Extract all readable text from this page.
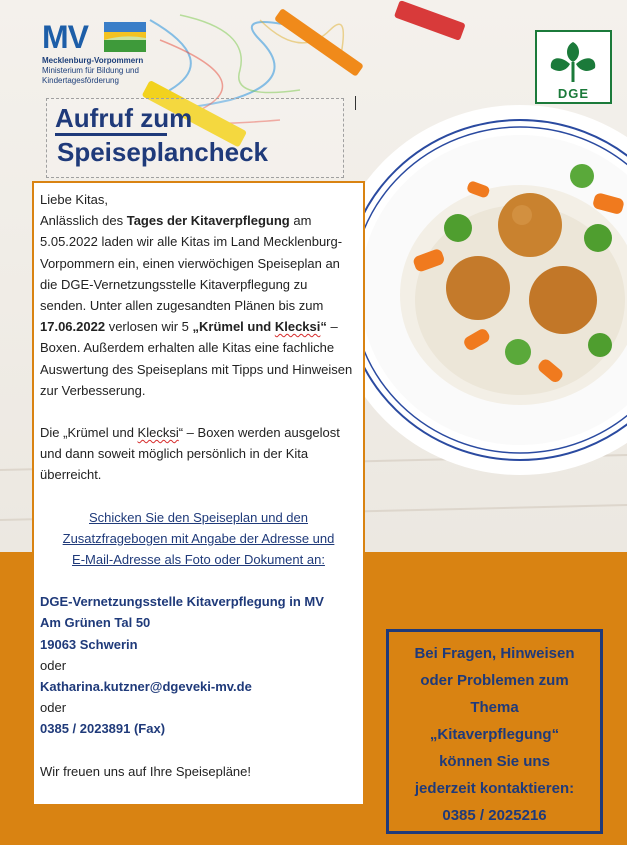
MV
Mecklenburg-Vorpommern
Ministerium für Bildung und
Kindertagesförderung
DGE
Aufruf zum
Speiseplancheck

Liebe Kitas,

Anlässlich des Tages der Kitaverpflegung am 5.05.2022 laden wir alle Kitas im Land Mecklenburg-Vorpommern ein, einen vierwöchigen Speiseplan an die DGE-Vernetzungsstelle Kitaverpflegung zu senden. Unter allen zugesandten Plänen bis zum 17.06.2022 verlosen wir 5 „Krümel und Klecksi“ – Boxen. Außerdem erhalten alle Kitas eine fachliche Auswertung des Speiseplans mit Tipps und Hinweisen zur Verbesserung.

Die „Krümel und Klecksi“ – Boxen werden ausgelost und dann soweit möglich persönlich in der Kita überreicht.

Schicken Sie den Speiseplan und den
Zusatzfragebogen mit Angabe der Adresse und
E-Mail-Adresse als Foto oder Dokument an:

DGE-Vernetzungsstelle Kitaverpflegung in MV

Am Grünen Tal 50

19063 Schwerin

oder

Katharina.kutzner@dgeveki-mv.de

oder

0385 / 2023891 (Fax)

Wir freuen uns auf Ihre Speisepläne!

Bei Fragen, Hinweisen

oder Problemen zum

Thema

„Kitaverpflegung“

können Sie uns

jederzeit kontaktieren:

0385 / 2025216
